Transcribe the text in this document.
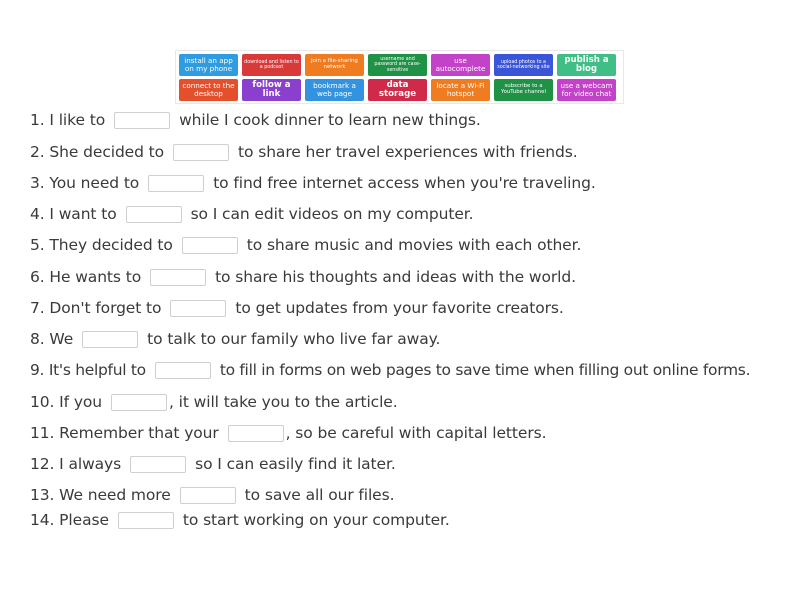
install an app on my phone
download and listen to a podcast
join a file-sharing network
username and password are case-sensitive
use autocomplete
upload photos to a social-networking site
publish a blog
connect to the desktop
follow a link
bookmark a web page
data storage
locate a Wi-Fi hotspot
subscribe to a YouTube channel
use a webcam for video chat
1. I like to	while I cook dinner to learn new things.
2. She decided to	to share her travel experiences with friends.
3. You need to	to find free internet access when you're traveling.
4. I want to	so I can edit videos on my computer.
5. They decided to	to share music and movies with each other.
6. He wants to	to share his thoughts and ideas with the world.
7. Don't forget to	to get updates from your favorite creators.
8. We	to talk to our family who live far away.
9. It's helpful to	to fill in forms on web pages to save time when filling out online forms.
10. If you	, it will take you to the article.
11. Remember that your	, so be careful with capital letters.
12. I always	so I can easily find it later.
13. We need more	to save all our files.
14. Please	to start working on your computer.
